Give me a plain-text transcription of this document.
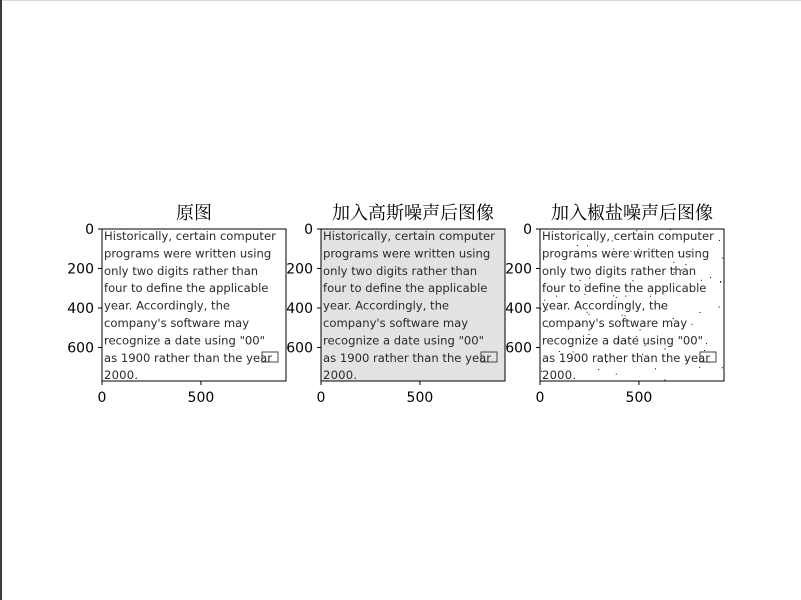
Historically, certain computer
programs were written using
only two digits rather than
four to define the applicable
year. Accordingly, the
company's software may
recognize a date using "00"
as 1900 rather than the year
2000.
原图
0	500
0
200
400
600
Historically, certain computer
programs were written using
only two digits rather than
four to define the applicable
year. Accordingly, the
company's software may
recognize a date using "00"
as 1900 rather than the year
2000.
加入高斯噪声后图像
0	500
0
200
400
600
Historically, certain computer
programs were written using
only two digits rather than
four to define the applicable
year. Accordingly, the
company's software may
recognize a date using "00"
as 1900 rather than the year
2000.
加入椒盐噪声后图像
0	500
0
200
400
600
